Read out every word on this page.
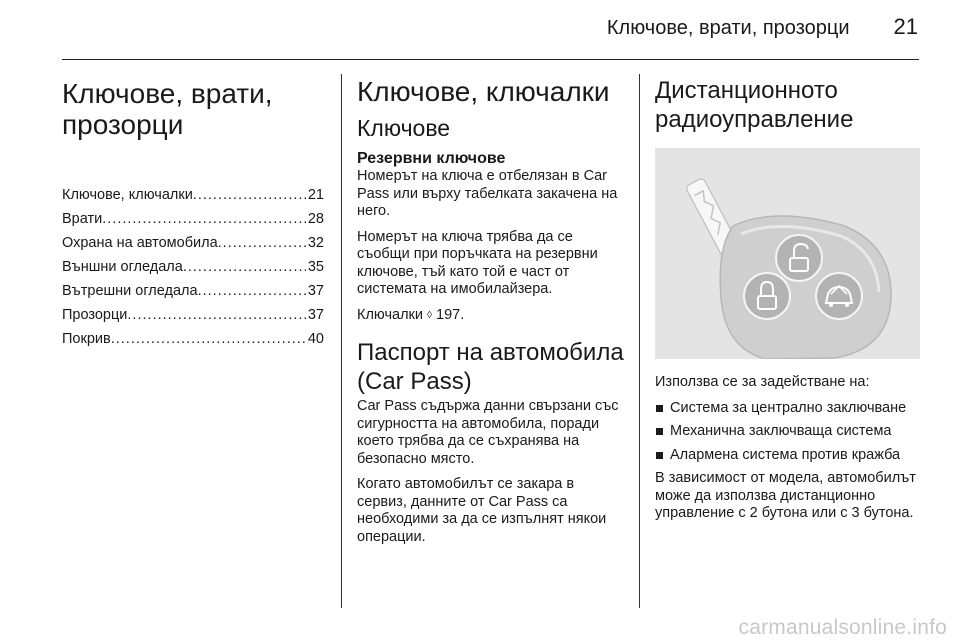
Ключове, врати, прозорци 21
Ключове, врати, прозорци
Ключове, ключалки .....	21
Врати .....	28
Охрана на автомобила .....	32
Външни огледала .....	35
Вътрешни огледала .....	37
Прозорци .....	37
Покрив .....	40
Ключове, ключалки
Ключове
Резервни ключове

Номерът на ключа е отбелязан в Car Pass или върху табелката закачена на него.

Номерът на ключа трябва да се съобщи при поръчката на резервни ключове, тъй като той е част от системата на имобилайзера.

Ключалки ◊ 197.

Паспорт на автомобила (Car Pass)

Car Pass съдържа данни свързани със сигурността на автомобила, поради което трябва да се съхранява на безопасно място.

Когато автомобилът се закара в сервиз, данните от Car Pass са необходими за да се изпълнят някои операции.

Дистанционното радиоуправление

Използва се за задействане на:

Система за централно заключване
Механична заключваща система
Алармена система против кражба

В зависимост от модела, автомобилът може да използва дистанционно управление с 2 бутона или с 3 бутона.

carmanualsonline.info
